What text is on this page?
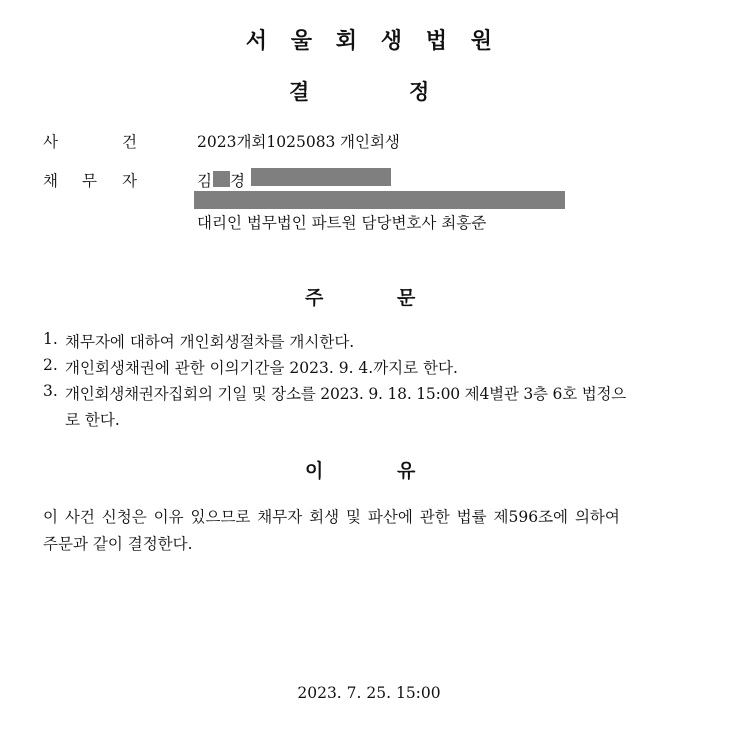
서 울 회 생 법 원
결	정
사	건	2023개회1025083 개인회생
채 무 자	김 경
대리인 법무법인 파트원 담당변호사 최홍준
주	문
1. 채무자에 대하여 개인회생절차를 개시한다.
2. 개인회생채권에 관한 이의기간을 2023. 9. 4.까지로 한다.
3. 개인회생채권자집회의 기일 및 장소를 2023. 9. 18. 15:00 제4별관 3층 6호 법정으
로 한다.
이	유
이 사건 신청은 이유 있으므로 채무자 회생 및 파산에 관한 법률 제596조에 의하여
주문과 같이 결정한다.
2023. 7. 25. 15:00
